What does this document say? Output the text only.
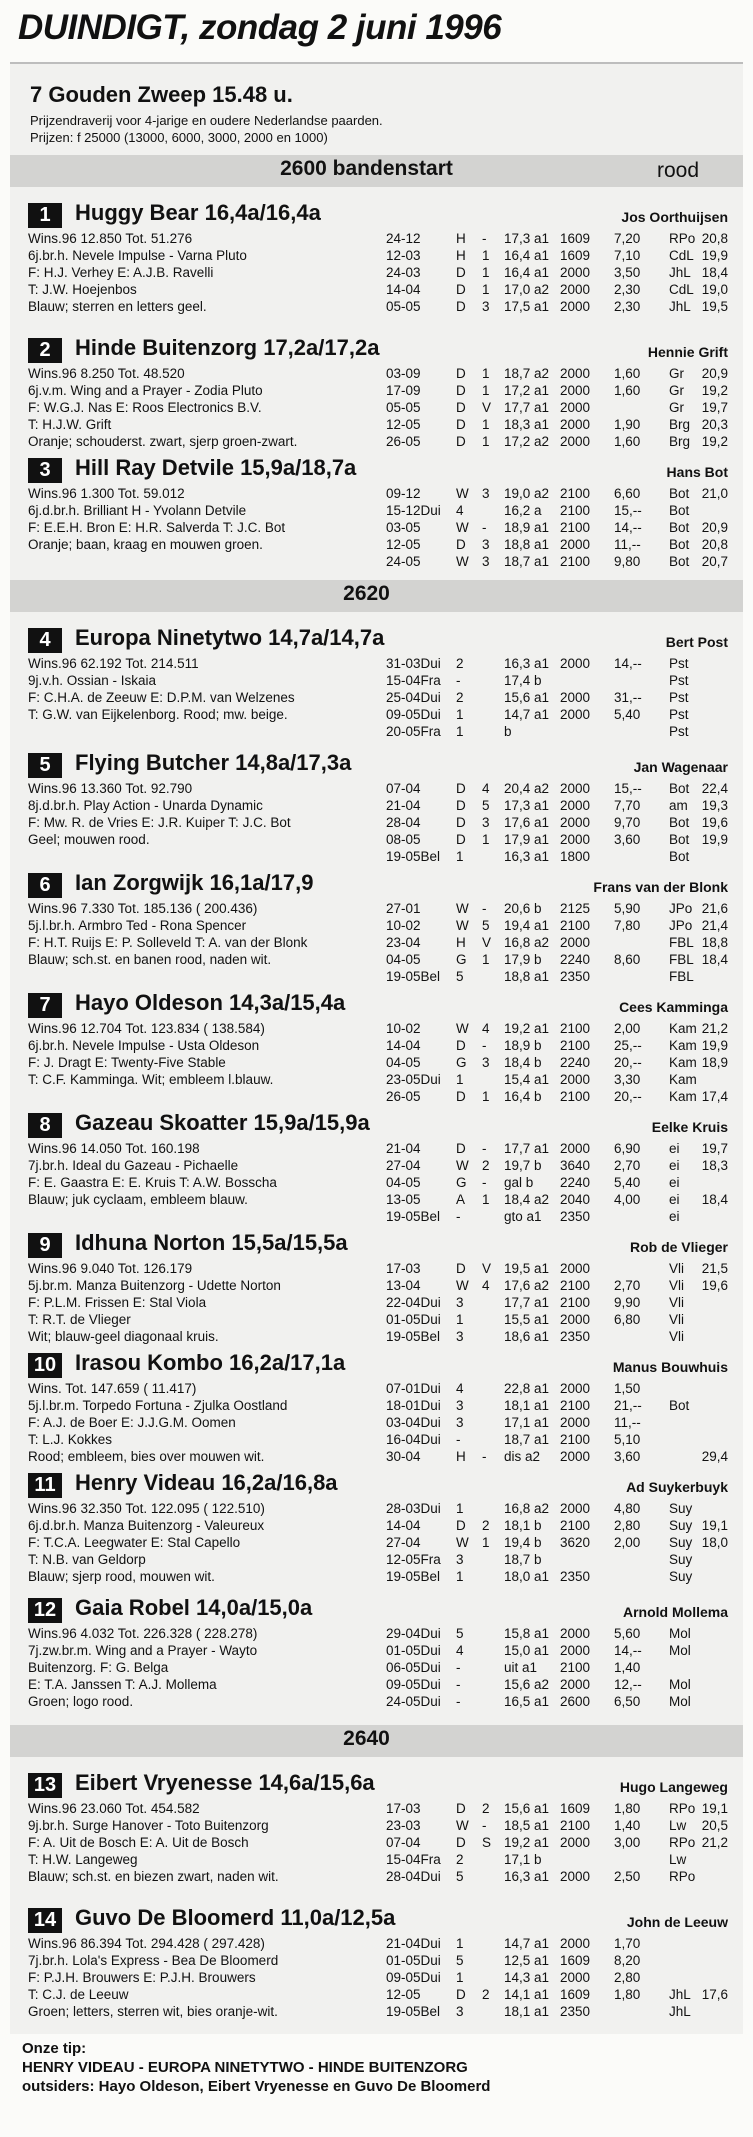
DUINDIGT, zondag 2 juni 1996
7 Gouden Zweep 15.48 u.
Prijzendraverij voor 4-jarige en oudere Nederlandse paarden.
Prijzen: f 25000 (13000, 6000, 3000, 2000 en 1000)
2600 bandenstart	rood
2620
2640
1	Huggy Bear 16,4a/16,4a	Jos Oorthuijsen
Wins.96 12.850 Tot. 51.276
6j.br.h. Nevele Impulse - Varna Pluto
F: H.J. Verhey E: A.J.B. Ravelli
T: J.W. Hoejenbos
Blauw; sterren en letters geel.
24-12	H - 17,3 a1 1609 7,20 RPo 20,8
12-03	H 1 16,4 a1 1609 7,10 CdL 19,9
24-03	D 1 16,4 a1 2000 3,50 JhL 18,4
14-04	D 1 17,0 a2 2000 2,30 CdL 19,0
05-05	D 3 17,5 a1 2000 2,30 JhL 19,5
2	Hinde Buitenzorg 17,2a/17,2a	Hennie Grift
Wins.96 8.250 Tot. 48.520
6j.v.m. Wing and a Prayer - Zodia Pluto
F: W.G.J. Nas E: Roos Electronics B.V.
T: H.J.W. Grift
Oranje; schouderst. zwart, sjerp groen-zwart.
03-09	D 1 18,7 a2 2000 1,60 Gr 20,9
17-09	D 1 17,2 a1 2000 1,60 Gr 19,2
05-05	D V 17,7 a1 2000	Gr 19,7
12-05	D 1 18,3 a1 2000 1,90 Brg 20,3
26-05	D 1 17,2 a2 2000 1,60 Brg 19,2
3	Hill Ray Detvile 15,9a/18,7a	Hans Bot
Wins.96 1.300 Tot. 59.012
6j.d.br.h. Brilliant H - Yvolann Detvile
F: E.E.H. Bron E: H.R. Salverda T: J.C. Bot
Oranje; baan, kraag en mouwen groen.
09-12	W 3 19,0 a2 2100 6,60 Bot 21,0
15-12Dui 4	16,2 a 2100 15,-- Bot
03-05	W - 18,9 a1 2100 14,-- Bot 20,9
12-05	D 3 18,8 a1 2000 11,-- Bot 20,8
24-05	W 3 18,7 a1 2100 9,80 Bot 20,7
4	Europa Ninetytwo 14,7a/14,7a	Bert Post
Wins.96 62.192 Tot. 214.511
9j.v.h. Ossian - Iskaia
F: C.H.A. de Zeeuw E: D.P.M. van Welzenes
T: G.W. van Eijkelenborg. Rood; mw. beige.
31-03Dui 2	16,3 a1 2000 14,-- Pst
15-04Fra -	17,4 b	Pst
25-04Dui 2	15,6 a1 2000 31,-- Pst
09-05Dui 1	14,7 a1 2000 5,40 Pst
20-05Fra 1	b	Pst
5	Flying Butcher 14,8a/17,3a	Jan Wagenaar
Wins.96 13.360 Tot. 92.790
8j.d.br.h. Play Action - Unarda Dynamic
F: Mw. R. de Vries E: J.R. Kuiper T: J.C. Bot
Geel; mouwen rood.
07-04	D 4 20,4 a2 2000 15,-- Bot 22,4
21-04	D 5 17,3 a1 2000 7,70 am 19,3
28-04	D 3 17,6 a1 2000 9,70 Bot 19,6
08-05	D 1 17,9 a1 2000 3,60 Bot 19,9
19-05Bel 1	16,3 a1 1800	Bot
6	Ian Zorgwijk 16,1a/17,9	Frans van der Blonk
Wins.96 7.330 Tot. 185.136 ( 200.436)
5j.l.br.h. Armbro Ted - Rona Spencer
F: H.T. Ruijs E: P. Solleveld T: A. van der Blonk
Blauw; sch.st. en banen rood, naden wit.
27-01	W - 20,6 b 2125 5,90 JPo 21,6
10-02	W 5 19,4 a1 2100 7,80 JPo 21,4
23-04	H V 16,8 a2 2000	FBL 18,8
04-05	G 1 17,9 b 2240 8,60 FBL 18,4
19-05Bel 5	18,8 a1 2350	FBL
7	Hayo Oldeson 14,3a/15,4a	Cees Kamminga
Wins.96 12.704 Tot. 123.834 ( 138.584)
6j.br.h. Nevele Impulse - Usta Oldeson
F: J. Dragt E: Twenty-Five Stable
T: C.F. Kamminga. Wit; embleem l.blauw.
10-02	W 4 19,2 a1 2100 2,00 Kam 21,2
14-04	D - 18,9 b 2100 25,-- Kam 19,9
04-05	G 3 18,4 b 2240 20,-- Kam 18,9
23-05Dui 1	15,4 a1 2000 3,30 Kam
26-05	D 1 16,4 b 2100 20,-- Kam 17,4
8	Gazeau Skoatter 15,9a/15,9a	Eelke Kruis
Wins.96 14.050 Tot. 160.198
7j.br.h. Ideal du Gazeau - Pichaelle
F: E. Gaastra E: E. Kruis T: A.W. Bosscha
Blauw; juk cyclaam, embleem blauw.
21-04	D - 17,7 a1 2000 6,90 ei 19,7
27-04	W 2 19,7 b 3640 2,70 ei 18,3
04-05	G - gal b 2240 5,40 ei
13-05	A 1 18,4 a2 2040 4,00 ei 18,4
19-05Bel -	gto a1 2350	ei
9	Idhuna Norton 15,5a/15,5a	Rob de Vlieger
Wins.96 9.040 Tot. 126.179
5j.br.m. Manza Buitenzorg - Udette Norton
F: P.L.M. Frissen E: Stal Viola
T: R.T. de Vlieger
Wit; blauw-geel diagonaal kruis.
17-03	D V 19,5 a1 2000	Vli 21,5
13-04	W 4 17,6 a2 2100 2,70 Vli 19,6
22-04Dui 3	17,7 a1 2100 9,90 Vli
01-05Dui 1	15,5 a1 2000 6,80 Vli
19-05Bel 3	18,6 a1 2350	Vli
10 Irasou Kombo 16,2a/17,1a	Manus Bouwhuis
Wins. Tot. 147.659 ( 11.417)
5j.l.br.m. Torpedo Fortuna - Zjulka Oostland
F: A.J. de Boer E: J.J.G.M. Oomen
T: L.J. Kokkes
Rood; embleem, bies over mouwen wit.
07-01Dui 4	22,8 a1 2000 1,50
18-01Dui 3	18,1 a1 2100 21,-- Bot
03-04Dui 3	17,1 a1 2000 11,--
16-04Dui -	18,7 a1 2100 5,10
30-04	H - dis a2 2000 3,60	29,4
11 Henry Videau 16,2a/16,8a	Ad Suykerbuyk
Wins.96 32.350 Tot. 122.095 ( 122.510)
6j.d.br.h. Manza Buitenzorg - Valeureux
F: T.C.A. Leegwater E: Stal Capello
T: N.B. van Geldorp
Blauw; sjerp rood, mouwen wit.
28-03Dui 1	16,8 a2 2000 4,80 Suy
14-04	D 2 18,1 b 2100 2,80 Suy 19,1
27-04	W 1 19,4 b 3620 2,00 Suy 18,0
12-05Fra 3	18,7 b	Suy
19-05Bel 1	18,0 a1 2350	Suy
12 Gaia Robel 14,0a/15,0a	Arnold Mollema
Wins.96 4.032 Tot. 226.328 ( 228.278)
7j.zw.br.m. Wing and a Prayer - Wayto
Buitenzorg. F: G. Belga
E: T.A. Janssen T: A.J. Mollema
Groen; logo rood.
29-04Dui 5	15,8 a1 2000 5,60 Mol
01-05Dui 4	15,0 a1 2000 14,-- Mol
06-05Dui -	uit a1 2100 1,40
09-05Dui -	15,6 a2 2000 12,-- Mol
24-05Dui -	16,5 a1 2600 6,50 Mol
13 Eibert Vryenesse 14,6a/15,6a	Hugo Langeweg
Wins.96 23.060 Tot. 454.582
9j.br.h. Surge Hanover - Toto Buitenzorg
F: A. Uit de Bosch E: A. Uit de Bosch
T: H.W. Langeweg
Blauw; sch.st. en biezen zwart, naden wit.
17-03	D 2 15,6 a1 1609 1,80 RPo 19,1
23-03	W - 18,5 a1 2100 1,40 Lw 20,5
07-04	D S 19,2 a1 2000 3,00 RPo 21,2
15-04Fra 2	17,1 b	Lw
28-04Dui 5	16,3 a1 2000 2,50 RPo
14 Guvo De Bloomerd 11,0a/12,5a	John de Leeuw
Wins.96 86.394 Tot. 294.428 ( 297.428)
7j.br.h. Lola's Express - Bea De Bloomerd
F: P.J.H. Brouwers E: P.J.H. Brouwers
T: C.J. de Leeuw
Groen; letters, sterren wit, bies oranje-wit.
21-04Dui 1	14,7 a1 2000 1,70
01-05Dui 5	12,5 a1 1609 8,20
09-05Dui 1	14,3 a1 2000 2,80
12-05	D 2 14,1 a1 1609 1,80 JhL 17,6
19-05Bel 3	18,1 a1 2350	JhL
Onze tip:
HENRY VIDEAU - EUROPA NINETYTWO - HINDE BUITENZORG
outsiders: Hayo Oldeson, Eibert Vryenesse en Guvo De Bloomerd
